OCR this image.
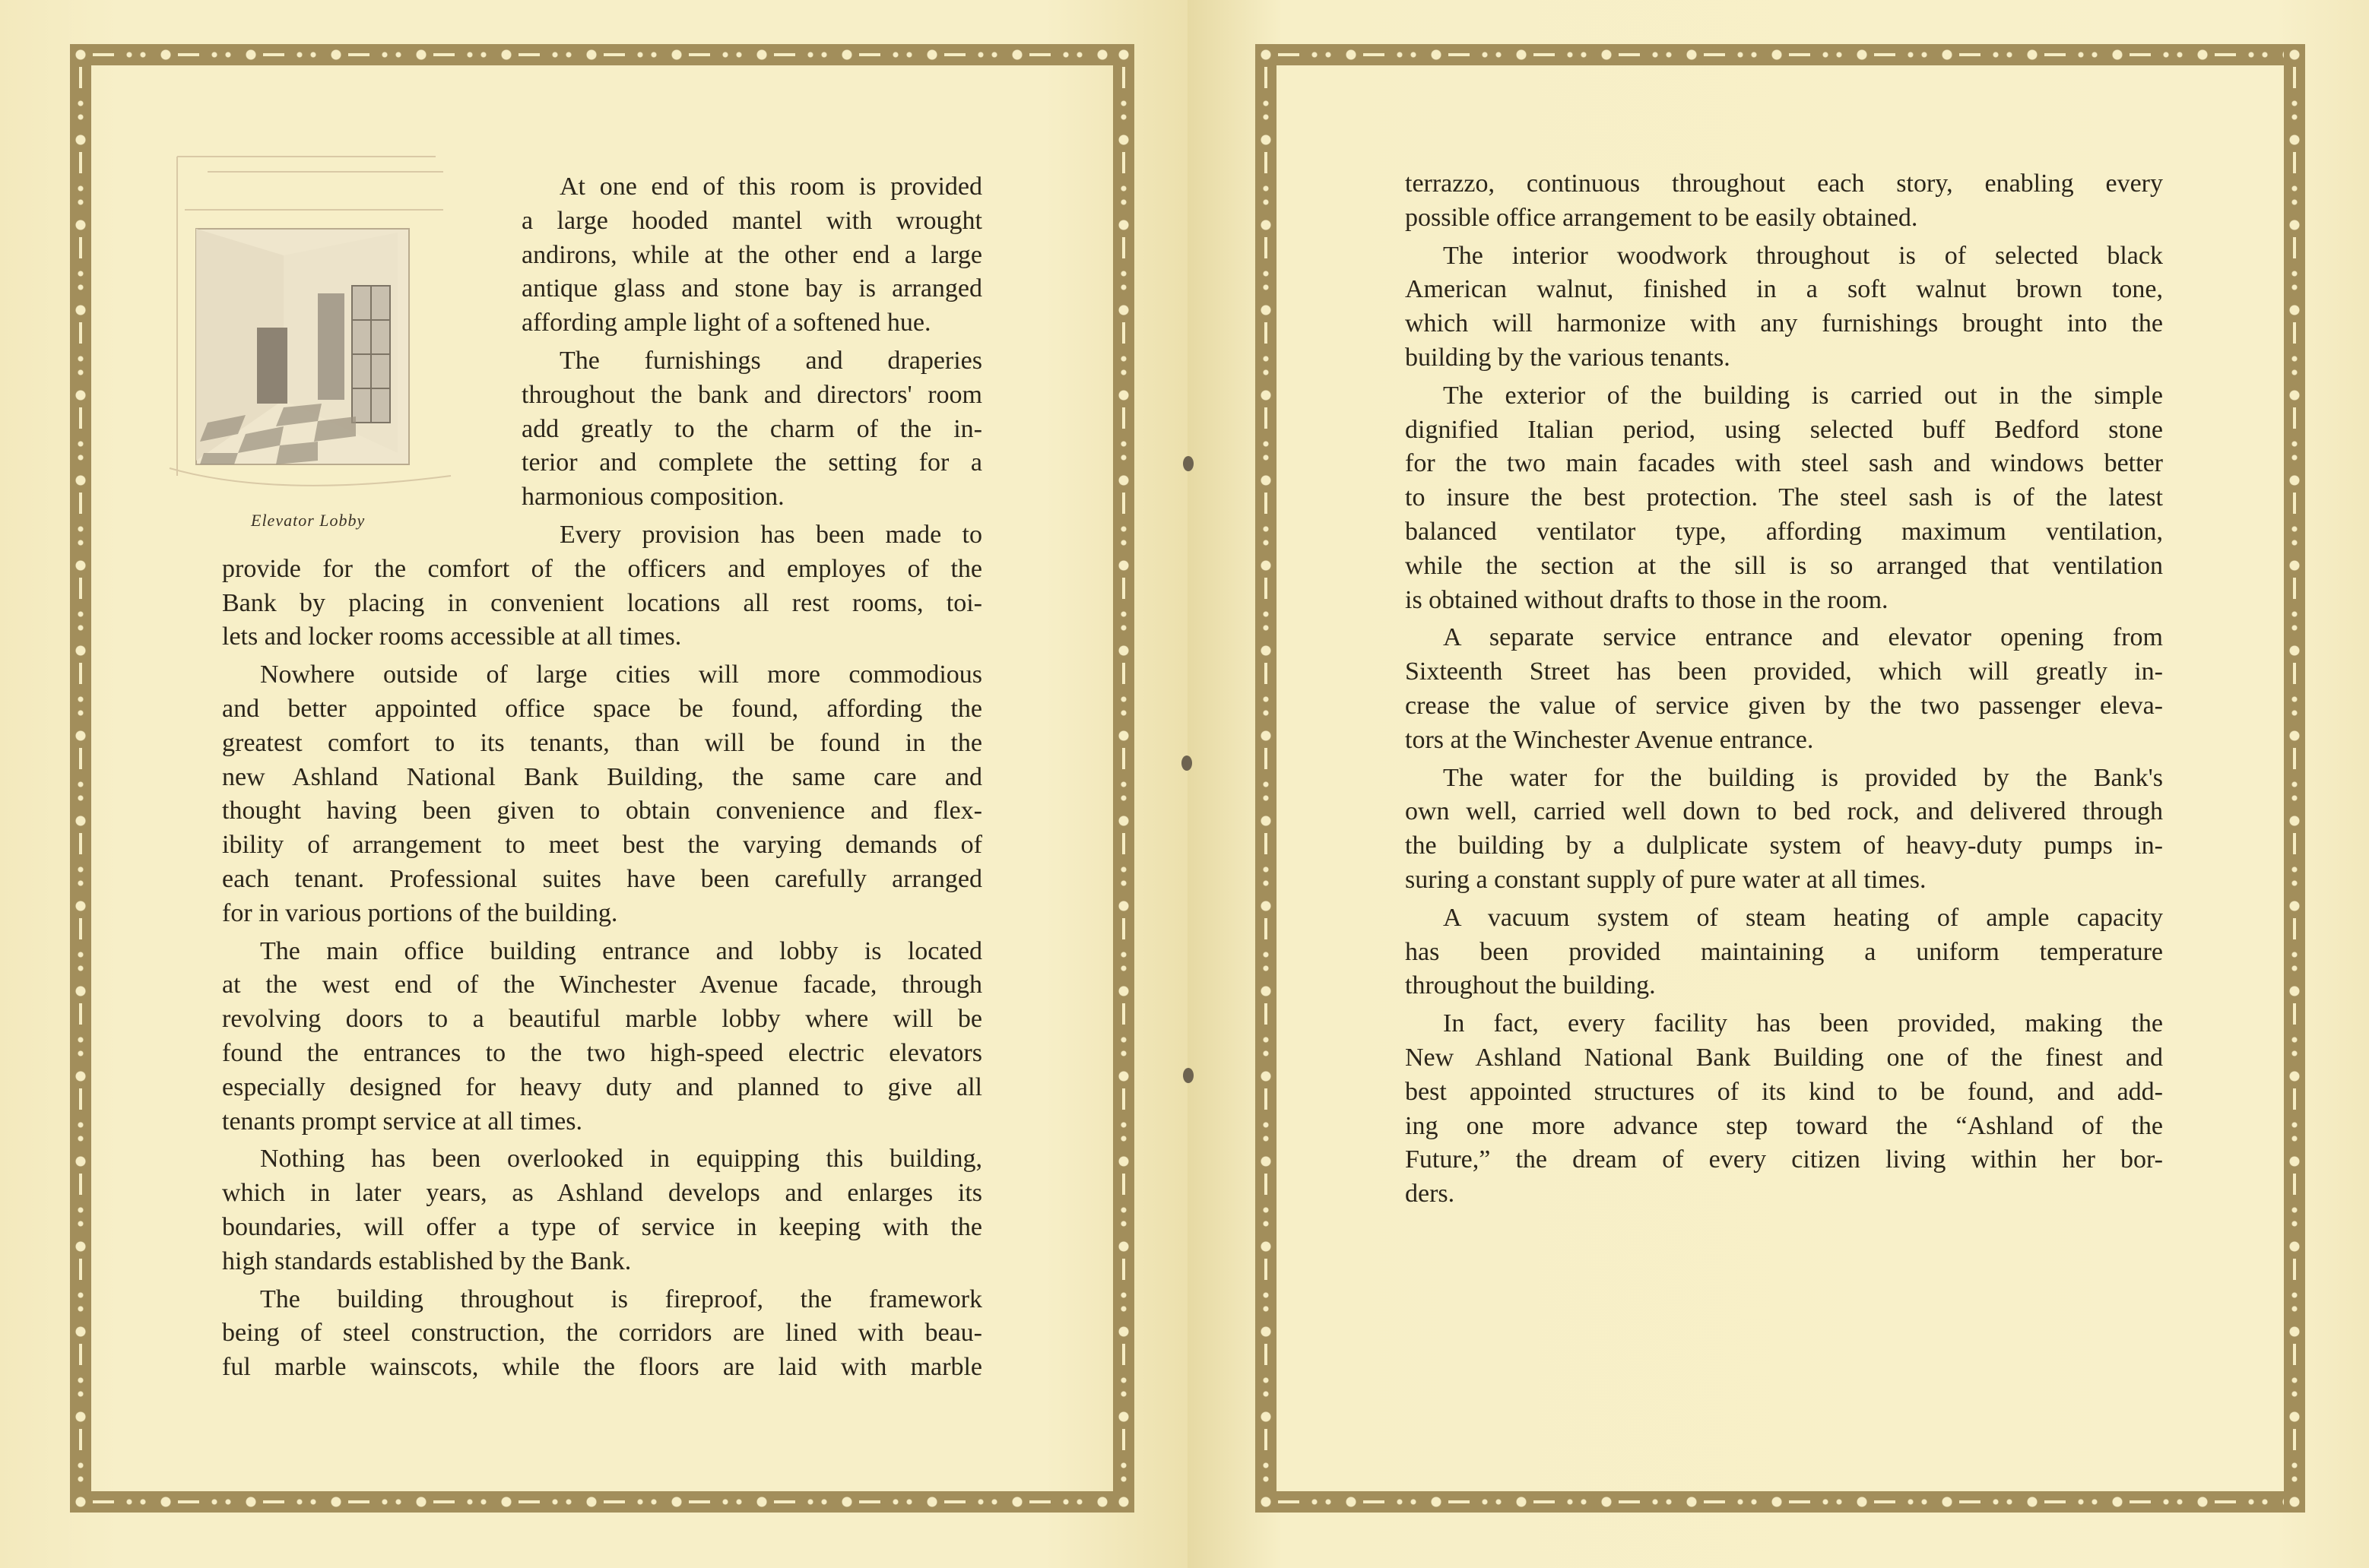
Elevator Lobby
At one end of this room is provided
a large hooded mantel with wrought
andirons, while at the other end a large
antique glass and stone bay is arranged
affording ample light of a softened hue.
The furnishings and draperies
throughout the bank and directors' room
add greatly to the charm of the in-
terior and complete the setting for a
harmonious composition.
Every provision has been made to
provide for the comfort of the officers and employes of the
Bank by placing in convenient locations all rest rooms, toi-
lets and locker rooms accessible at all times.
Nowhere outside of large cities will more commodious
and better appointed office space be found, affording the
greatest comfort to its tenants, than will be found in the
new Ashland National Bank Building, the same care and
thought having been given to obtain convenience and flex-
ibility of arrangement to meet best the varying demands of
each tenant. Professional suites have been carefully arranged
for in various portions of the building.
The main office building entrance and lobby is located
at the west end of the Winchester Avenue facade, through
revolving doors to a beautiful marble lobby where will be
found the entrances to the two high-speed electric elevators
especially designed for heavy duty and planned to give all
tenants prompt service at all times.
Nothing has been overlooked in equipping this building,
which in later years, as Ashland develops and enlarges its
boundaries, will offer a type of service in keeping with the
high standards established by the Bank.
The building throughout is fireproof, the framework
being of steel construction, the corridors are lined with beau-
ful marble wainscots, while the floors are laid with marble
terrazzo, continuous throughout each story, enabling every
possible office arrangement to be easily obtained.
The interior woodwork throughout is of selected black
American walnut, finished in a soft walnut brown tone,
which will harmonize with any furnishings brought into the
building by the various tenants.
The exterior of the building is carried out in the simple
dignified Italian period, using selected buff Bedford stone
for the two main facades with steel sash and windows better
to insure the best protection. The steel sash is of the latest
balanced ventilator type, affording maximum ventilation,
while the section at the sill is so arranged that ventilation
is obtained without drafts to those in the room.
A separate service entrance and elevator opening from
Sixteenth Street has been provided, which will greatly in-
crease the value of service given by the two passenger eleva-
tors at the Winchester Avenue entrance.
The water for the building is provided by the Bank's
own well, carried well down to bed rock, and delivered through
the building by a dulplicate system of heavy-duty pumps in-
suring a constant supply of pure water at all times.
A vacuum system of steam heating of ample capacity
has been provided maintaining a uniform temperature
throughout the building.
In fact, every facility has been provided, making the
New Ashland National Bank Building one of the finest and
best appointed structures of its kind to be found, and add-
ing one more advance step toward the “Ashland of the
Future,” the dream of every citizen living within her bor-
ders.
